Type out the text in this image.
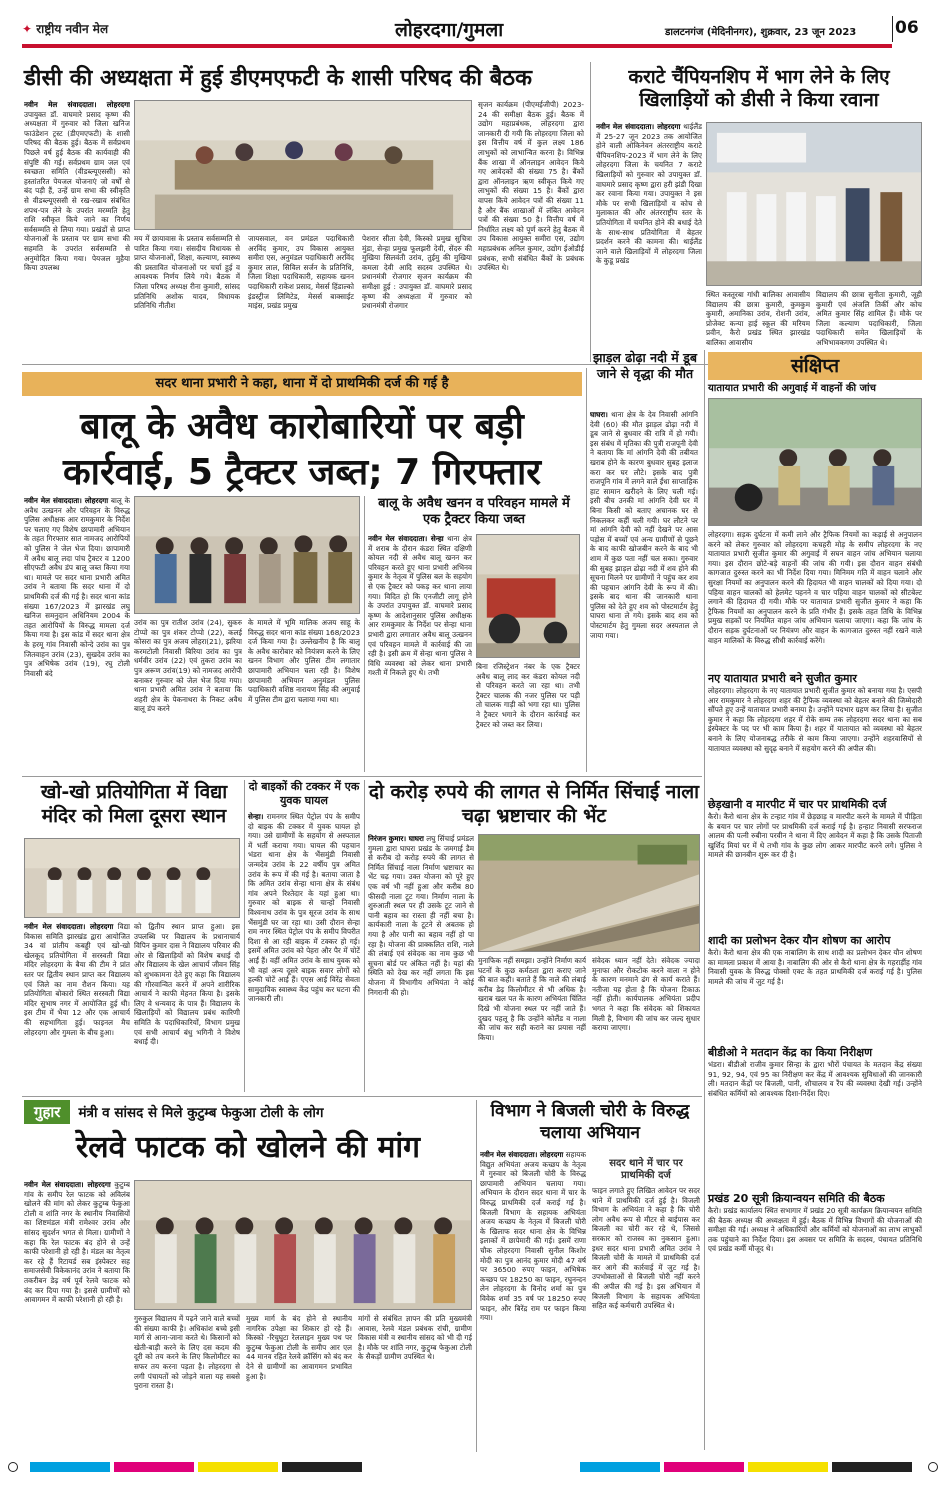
✦ राष्ट्रीय नवीन मेल	लोहरदगा/गुमला	डालटनगंज (मेदिनीनगर), शुक्रवार, 23 जून 2023 06
डीसी की अध्यक्षता में हुई डीएमएफटी के शासी परिषद की बैठक
नवीन मेल संवाददाता। लोहरदगा उपायुक्त डॉ. वाघमारे प्रसाद कृष्ण की अध्यक्षता में गुरुवार को जिला खनिज फाउंडेशन ट्रस्ट (डीएमएफटी) के शासी परिषद की बैठक हुई। बैठक में सर्वप्रथम पिछले वर्ष हुई बैठक की कार्यवाही की संपुष्टि की गई। सर्वप्रथम ग्राम जल एवं स्वच्छता समिति (वीडब्ल्यूएससी) को हस्तांतरित पेयजल योजनाएं जो वर्षों से बंद पड़ी हैं, उन्हें ग्राम सभा की स्वीकृति से वीडब्ल्यूएससी से रख-रखाव संबंधित शपथ-पत्र लेने के उपरांत मरम्मति हेतु राशि स्वीकृत किये जाने का निर्णय सर्वसम्मति से लिया गया। प्रखंडों से प्राप्त योजनाओं के प्रस्ताव पर ग्राम सभा की सहमति के उपरांत सर्वसम्मति से अनुमोदित किया गया। पेयजल मुहैया किया उपलब्ध
मय में छायावास के प्रस्ताव सर्वसम्मति से पारित किया गया। संसदीय विधायक से प्राप्त योजनाओं, शिक्षा, कल्याण, स्वास्थ्य की प्रस्तावित योजनाओं पर चर्चा हुई व आवश्यक निर्णय लिये गये। बैठक में जिला परिषद अध्यक्ष रीना कुमारी, सांसद प्रतिनिधि अशोक यादव, विधायक प्रतिनिधि नीतीश
जायसवाल, वन प्रमंडल पदाधिकारी अरविंद कुमार, उप विकास आयुक्त समीरा एस, अनुमंडल पदाधिकारी अरविंद कुमार लाल, सिविल सर्जन के प्रतिनिधि, जिला शिक्षा पदाधिकारी, सहायक खनन पदाधिकारी राकेश प्रसाद, मेसर्स हिंडाल्को इंडस्ट्रीज लिमिटेड, मेसर्स बाक्साईट माइंस, प्रखंड प्रमुख
पेशरार सीता देवी, किस्को प्रमुख सुचित्रा मुंडा, सेन्हा प्रमुख फूलझरी देवी, सेंदरु की मुखिया सिलवंती उरांव, तुईमु की मुखिया कमला देवी आदि सदस्य उपस्थित थे। प्रधानमंत्री रोजगार सृजन कार्यक्रम की समीक्षा हुई : उपायुक्त डॉ. वाघमारे प्रसाद कृष्ण की अध्यक्षता में गुरुवार को प्रधानमंत्री रोजगार
सृजन कार्यक्रम (पीएमईजीपी) 2023-24 की समीक्षा बैठक हुई। बैठक में उद्योग महाप्रबंधक, लोहरदगा द्वारा जानकारी दी गयी कि लोहरदगा जिला को इस वित्तीय वर्ष में कुल लक्ष्य 186 लाभुकों को लाभान्वित करना है। विभिन्न बैंक शाखा में ऑनलाइन आवेदन किये गए आवेदकों की संख्या 75 है। बैंकों द्वारा ऑनलाइन ऋण स्वीकृत किये गए लाभुकों की संख्या 15 है। बैंकों द्वारा वापस किये आवेदन पत्रों की संख्या 11 है और बैंक शाखाओं में लंबित आवेदन पत्रों की संख्या 50 है। वित्तीय वर्ष में निर्धारित लक्ष्य को पूर्ण करने हेतु बैठक में उप विकास आयुक्त समीरा एस, उद्योग महाप्रबंधक अनिल कुमार, उद्योग ईओडीई प्रबंधक, सभी संबंधित बैंकों के प्रबंधक उपस्थित थे।
कराटे चैंपियनशिप में भाग लेने के लिए खिलाड़ियों को डीसी ने किया रवाना
नवीन मेल संवाददाता। लोहरदगा थाईलैंड में 25-27 जून 2023 तक आयोजित होने वाली ओकिनेवन अंतरराष्ट्रीय कराटे चैंपियनशिप-2023 में भाग लेने के लिए लोहरदगा जिला के चयनित 7 कराटे खिलाड़ियों को गुरुवार को उपायुक्त डॉ. वाघमारे प्रसाद कृष्ण द्वारा हरी झंडी दिखा कर रवाना किया गया। उपायुक्त ने इस मौके पर सभी खिलाड़ियों व कोच से मुलाकात की और अंतरराष्ट्रीय स्तर के प्रतियोगिता में चयनित होने की बधाई देते के साथ-साथ प्रतियोगिता में बेहतर प्रदर्शन करने की कामना की। थाईलैंड जाने वाले खिलाड़ियों में लोहरदगा जिला के कुडू प्रखंड
स्थित कस्तूरबा गांधी बालिका आवासीय विद्यालय की छात्रा कुमारी, कुमकुम कुमारी, अमानिका उरांव, रोशनी उरांव, प्रोजेक्ट कन्या हाई स्कूल की मरियम प्रवीन, कैरो प्रखंड स्थित झारखंड बालिका आवासीय
विद्यालय की छात्रा सुनीता कुमारी, जूही कुमारी एवं अंजलि तिर्की और कोच अमित कुमार सिंह शामिल हैं। मौके पर जिला कल्याण पदाधिकारी, जिला पदाधिकारी समेत खिलाड़ियों के अभिभावकगण उपस्थित थे।
सदर थाना प्रभारी ने कहा, थाना में दो प्राथमिकी दर्ज की गई है
बालू के अवैध कारोबारियों पर बड़ी कार्रवाई, 5 ट्रैक्टर जब्त; 7 गिरफ्तार
नवीन मेल संवाददाता। लोहरदगा बालू के अवैध उत्खनन और परिवहन के विरुद्ध पुलिस अधीक्षक आर रामकुमार के निर्देश पर चलाए गए विशेष छापामारी अभियान के तहत गिरफ्तार सात नामजद आरोपियों को पुलिस ने जेल भेज दिया। छापामारी में अवैध बालू लदा पांच ट्रैक्टर व 1200 सीएफटी अवैध डंप बालू जब्त किया गया था। मामले पर सदर थाना प्रभारी अमित उरांव ने बताया कि सदर थाना में दो प्राथमिकी दर्ज की गई है। सदर थाना कांड संख्या 167/2023 में झारखंड लघु खनिज समनुदान अधिनियम 2004 के तहत आरोपियों के विरुद्ध मामला दर्ज किया गया है। इस कांड में सदर थाना क्षेत्र के हरमू गांव निवासी कोन्दे उरांव का पुत्र जितवाहन उरांव (23), सुखदेव उरांव का पुत्र अभिषेक उरांव (19), रघु टोली निवासी बंदे
उरांव का पुत्र रातीश उरांव (24), सुकरु टोप्पो का पुत्र शंकर टोप्पो (22), कलई कोसरा का पुत्र अजय लोहरा(21), झरिया करमटोली निवासी बिरिया उरांव का पुत्र धर्मवीर उरांव (22) एवं तुकरा उरांव का पुत्र अरूण उरांव(19) को नामजद आरोपी बनाकर गुरुवार को जेल भेज दिया गया। थाना प्रभारी अमित उरांव ने बताया कि शहरी क्षेत्र के पेकनाथरा के निकट अवैध बालू डंप करने
के मामले में भूमि मालिक अजय साहू के विरुद्ध सदर थाना कांड संख्या 168/2023 दर्ज किया गया है। उल्लेखनीय है कि बालू के अवैध कारोबार को नियंत्रण करने के लिए खनन विभाग और पुलिस टीम लगातार छापामारी अभियान चला रही है। विशेष छापामारी अभियान अनुमंडल पुलिस पदाधिकारी वशिष्ठ नारायण सिंह की अगुवाई में पुलिस टीम द्वारा चलाया गया था।
बालू के अवैध खनन व परिवहन मामले में एक ट्रैक्टर किया जब्त
नवीन मेल संवाददाता। सेन्हा थाना क्षेत्र में शराब के दौरान कंडरा स्थित दक्षिणी कोयल नदी से अवैध बालू खनन कर परिवहन करते हुए थाना प्रभारी अभिनव कुमार के नेतृत्व में पुलिस बल के सहयोग से एक ट्रैक्टर को पकड़ कर थाना लाया गया। विदित हो कि एनजीटी लागू होने के उपरांत उपायुक्त डॉ. वाघमारे प्रसाद कृष्ण के आदेशानुसार पुलिस अधीक्षक आर रामकुमार के निर्देश पर सेन्हा थाना प्रभारी द्वारा लगातार अवैध बालू उत्खनन एवं परिवहन मामले में कार्रवाई की जा रही है। इसी क्रम में सेन्हा थाना पुलिस ने विधि व्यवस्था को लेकर थाना प्रभारी गश्ती में निकले हुए थे। तभी
बिना रजिस्ट्रेशन नंबर के एक ट्रैक्टर अवैध बालू लाद कर कंडरा कोयल नदी से परिवहन करते जा रहा था। तभी ट्रैक्टर चालक की नजर पुलिस पर पड़ी तो चालक गाड़ी को भगा रहा था। पुलिस ने ट्रैक्टर भगाने के दौरान कार्रवाई कर ट्रैक्टर को जब्त कर लिया।
झाड़ल ढोढ़ा नदी में डूब जाने से वृद्धा की मौत
घाघरा। थाना क्षेत्र के देव निवासी आंगनि देवी (60) की मौत झाड़ल ढोढ़ा नदी में डूब जाने से बुधवार की रात्रि में हो गयी। इस संबंध में मृतिका की पुत्री राजपूनी देवी ने बताया कि मां आंगनि देवी की तबीयत खराब होने के कारण बुधवार सुबह इलाज करा कर घर लौटे। इसके बाद पुत्री राजपूनि गांव में लगने वाले ईंधा साप्ताहिक हाट सामान खरीदने के लिए चली गई। इसी बीच उनकी मां आंगनि देवी घर में बिना किसी को बताए अचानक घर से निकलकर कहीं चली गयी। घर लौटने पर मां आंगनि देवी को नहीं देखने पर आस पड़ोस में बच्चों एवं अन्य ग्रामीणों से पूछने के बाद काफी खोजबीन करने के बाद भी शाम में कुछ पता नहीं चल सका। गुरुवार की सुबह झाड़ल ढोढ़ा नदी में शव होने की सूचना मिलने पर ग्रामीणों ने पहुंच कर शव की पहचान आंगनि देवी के रूप में की। इसके बाद थाना की जानकारी थाना पुलिस को देते हुए शव को पोस्टमार्टम हेतु घाघरा थाना ले गये। इसके बाद शव को पोस्टमार्टम हेतु गुमला सदर अस्पताल ले जाया गया।
संक्षिप्त
यातायात प्रभारी की अगुवाई में वाहनों की जांच
लोहरदगा। सड़क दुर्घटना में कमी लाने और ट्रैफिक नियमों का कड़ाई से अनुपालन करने को लेकर गुरुवार को लोहरदगा कचहरी मोड़ के समीप लोहरदगा के नए यातायात प्रभारी सुजीत कुमार की अगुवाई में सघन वाहन जांच अभियान चलाया गया। इस दौरान छोटे-बड़े वाहनों की जांच की गयी। इस दौरान वाहन संबंधी कागजात दुरुस्त करने का भी निर्देश दिया गया। मिनिमम गति में वाहन चलाने और सुरक्षा नियमों का अनुपालन करने की हिदायत भी वाहन चालकों को दिया गया। दो पहिया वाहन चालकों को हेलमेट पहनने व चार पहिया वाहन चालकों को सीटबेल्ट लगाने की हिदायत दी गयी। मौके पर यातायात प्रभारी सुजीत कुमार ने कहा कि ट्रैफिक नियमों का अनुपालन करने के प्रति गंभीर हैं। इसके तहत तिथि के विभिन्न प्रमुख सड़कों पर नियमित वाहन जांच अभियान चलाया जाएगा। कहा कि जांच के दौरान सड़क दुर्घटनाओं पर नियंत्रण और वाहन के कागजात दुरुस्त नहीं रखने वाले वाहन मालिकों के विरुद्ध सीधी कार्रवाई करेंगे।
नए यातायात प्रभारी बने सुजीत कुमार
लोहरदगा। लोहरदगा के नए यातायात प्रभारी सुजीत कुमार को बनाया गया है। एसपी आर रामकुमार ने लोहरदगा शहर की ट्रैफिक व्यवस्था को बेहतर बनाने की जिम्मेदारी सौंपते हुए उन्हें यातायात प्रभारी बनाया है। उन्होंने पदभार ग्रहण कर लिया है। सुजीत कुमार ने कहा कि लोहरदगा शहर में रोके सम्य तक लोहरदगा सदर थाना का सब इंस्पेक्टर के पद पर भी काम किया है। शहर में यातायात को व्यवस्था को बेहतर बनाने के लिए योजनाबद्ध तरीके से काम किया जाएगा। उन्होंने शहरवासियों से यातायात व्यवस्था को सुदृढ़ बनाने में सहयोग करने की अपील की।
छेड़खानी व मारपीट में चार पर प्राथमिकी दर्ज
कैरो। कैरो थाना क्षेत्र के टन्हाट गांव में छेड़छाड़ व मारपीट करने के मामले में पीड़िता के बयान पर चार लोगों पर प्राथमिकी दर्ज कराई गई है। हन्हाट निवासी सरफराज आलम की पत्नी रुबीना परवीन ने थाना में दिए आवेदन में कहा है कि उसके पिताजी खुर्शिद मियां घर में थे तभी गांव के कुछ लोग आकर मारपीट करने लगे। पुलिस ने मामले की छानबीन शुरू कर दी है।
शादी का प्रलोभन देकर यौन शोषण का आरोप
कैरो। कैरो थाना क्षेत्र की एक नाबालिग के साथ शादी का प्रलोभन देकर यौन शोषण का मामला प्रकाश में आया है। नाबालिग की ओर से कैरो थाना क्षेत्र के गहरार्ड़ीह गांव निवासी युवक के विरुद्ध पोक्सो एक्ट के तहत प्राथमिकी दर्ज कराई गई है। पुलिस मामले की जांच में जुट गई है।
बीडीओ ने मतदान केंद्र का किया निरीक्षण
भंडरा। बीडीओ राजीव कुमार सिन्हा के द्वारा भौरों पंचायत के मतदान केंद्र संख्या 91, 92, 94, एवं 95 का निरीक्षण कर केंद्र में आवश्यक सुविधाओं की जानकारी ली। मतदान केंद्रों पर बिजली, पानी, शौचालय व रैंप की व्यवस्था देखी गई। उन्होंने संबंधित कर्मियों को आवश्यक दिशा-निर्देश दिए।
प्रखंड 20 सूत्री क्रियान्वयन समिति की बैठक
कैरो। प्रखंड कार्यालय स्थित सभागार में प्रखंड 20 सूत्री कार्यक्रम क्रियान्वयन समिति की बैठक अध्यक्ष की अध्यक्षता में हुई। बैठक में विभिन्न विभागों की योजनाओं की समीक्षा की गई। अध्यक्ष ने अधिकारियों और कर्मियों को योजनाओं का लाभ लाभुकों तक पहुंचाने का निर्देश दिया। इस अवसर पर समिति के सदस्य, पंचायत प्रतिनिधि एवं प्रखंड कर्मी मौजूद थे।
खो-खो प्रतियोगिता में विद्या मंदिर को मिला दूसरा स्थान
नवीन मेल संवाददाता। लोहरदगा विद्या विकास समिति झारखंड द्वारा आयोजित 34 वां प्रांतीय कबड्डी एवं खो-खो खेलकूद प्रतियोगिता में सरस्वती विद्या मंदिर लोहरदगा के बैया की टीम ने प्रांत स्तर पर द्वितीय स्थान प्राप्त कर विद्यालय एवं जिले का नाम रौशन किया। यह प्रतियोगिता बोकारो स्थित सरस्वती विद्या मंदिर सुभाष नगर में आयोजित हुई थी। इस टीम में भैया 12 और एक आचार्य की सहभागिता हुई। फाइनल मैच लोहरदगा और गुमला के बीच हुआ।
को द्वितीय स्थान प्राप्त हुआ। इस उपलब्धि पर विद्यालय के प्रधानाचार्य विपिन कुमार दास ने विद्यालय परिवार की ओर से खिलाड़ियों को विशेष बधाई दी और विद्यालय के खेल आचार्य जीवन सिंह को शुभकामना देते हुए कहा कि विद्यालय की गौरवान्वित करने में अपने शारीरिक आचार्य ने काफी मेहनत किया है। इसके लिए वे धन्यवाद के पात्र हैं। विद्यालय के खिलाड़ियों को विद्यालय प्रबंध कारिणी समिति के पदाधिकारियों, विभाग प्रमुख एवं सभी आचार्य बंधु भगिनी ने विशेष बधाई दी।
दो बाइकों की टक्कर में एक युवक घायल
सेन्हा। रामनगर स्थित पेट्रोल पंप के समीप दो बाइक की टक्कर में युवक घायल हो गया। उसे ग्रामीणों के सहयोग से अस्पताल में भर्ती कराया गया। घायल की पहचान भंडरा थाना क्षेत्र के भैंसमुंडी निवासी जन्मदेव उरांव के 22 वर्षीय पुत्र अमित उरांव के रूप में की गई है। बताया जाता है कि अमित उरांव सेन्हा थाना क्षेत्र के संबंध गांव अपने रिश्तेदार के यहां हुआ था। गुरुवार को बाइक से चान्हो निवासी विश्वनाथ उरांव के पुत्र सूरज उरांव के साथ भैंसमुंडी घर जा रहा था। उसी दौरान सेन्हा राम नगर स्थित पेट्रोल पंप के समीप विपरीत दिशा से आ रही बाइक में टक्कर हो गई। इसमें अमित उरांव को पेहरा और पैर में चोटें आईं हैं। वहीं अमित उरांव के साथ युवक को भी वहां अन्य दूसरे बाइक सवार लोगों को हल्की चोटें आई हैं। एएस आई विरेंद्र सेवता सामुदायिक स्वास्थ्य केंद्र पहुंच कर घटना की जानकारी ली।
दो करोड़ रुपये की लागत से निर्मित सिंचाई नाला चढ़ा भ्रष्टाचार की भेंट
निरंजन कुमार। घाघरा लघु सिंचाई प्रमंडल गुमला द्वारा घाघरा प्रखंड के जमगाई डैम से करीब दो करोड़ रुपये की लागत से निर्मित सिंचाई नाला निर्माण भ्रष्टाचार का भेंट चढ़ गया। उक्त योजना को पूरे हुए एक वर्ष भी नहीं हुआ और करीब 80 फीसदी नाला टूट गया। निर्माण नाला के शुरुआती स्थल पर ही उसके टूट जाने से पानी बहाव का रास्ता ही नहीं बचा है। कार्यकारी नाला के टूटने से अबतक हो गया है और पानी का बहाव नहीं हो पा रहा है। योजना की प्राक्कलित राशि, नाले की लंबाई एवं संवेदक का नाम कुछ भी सूचना बोर्ड पर अंकित नहीं है। यहां की स्थिति को देख कर नहीं लगता कि इस योजना में विभागीय अभियंता ने कोई निगरानी की हो।
मुनाफिक नहीं समझा। उन्होंने निर्माण कार्य घटनों के कुछ कर्मठता द्वारा कराए जाने की बात कही। बताते हैं कि नाले की लंबाई करीब डेढ़ किलोमीटर से भी अधिक है। खराब खल पत के कारण अभियंता चिंतित दिखे भी योजना स्थल पर नहीं जाते हैं। दुखद पहलू है कि उन्होंने कोलैंड व नाला की जांच कर सही कराने का प्रयास नहीं किया।
संवेदक ध्यान नहीं देते। संवेदक ज्यादा मुनाफा और रोकटोक करने वाला न होने के कारण मनमाने ढंग से कार्य कराते हैं। नतीजा यह होता है कि योजना टिकाऊ नहीं होती। कार्यपालक अभियंता प्रदीप भगत ने कहा कि संवेदक को शिकायत मिली है, विभाग की जांच कर जल्द सुधार कराया जाएगा।
गुहार	मंत्री व सांसद से मिले कुटुम्ब फेकुआ टोली के लोग
रेलवे फाटक को खोलने की मांग
नवीन मेल संवाददाता। लोहरदगा कुटुम्ब गांव के समीप रेल फाटक को अविलंब खोलने की मांग को लेकर कुटुम्ब फेकुआ टोली व शांति नगर के स्थानीय निवासियों का शिष्टमंडल मंत्री रामेश्वर उरांव और सांसद सुदर्शन भगत से मिला। ग्रामीणों ने कहा कि रेल फाटक बंद होने से उन्हें काफी परेशानी हो रही है। मंडल का नेतृत्व कर रहे हैं रिटायर्ड सब इंस्पेक्टर सह समाजसेवी विकेकानंद उरांव ने बताया कि तकरीबन डेढ़ वर्ष पूर्व रेलवे फाटक को बंद कर दिया गया है। इससे ग्रामीणों को आवागमन में काफी परेशानी हो रही है।
गुरुकुल विद्यालय में पढ़ने जाने वाले बच्चों की संख्या काफी है। अधिकांश बच्चे इसी मार्ग से आना-जाना करते थे। किसानों को खेती-बाड़ी करने के लिए दस कदम की दूरी को तय करने के लिए किलोमीटर का सफर तय करना पड़ता है। लोहरदगा से लगी पंचायतों को जोड़ने वाला यह सबसे पुराना रास्ता है।
मुख्य मार्ग के बंद होने से स्थानीय नागरिक उपेक्षा का शिकार हो रहे हैं। किस्को -रिचुघुटा रेललाइन मुख्य पथ पर कुटुम्ब फेकुआ टोली के समीप आर एल 44 मानव रहित रेलवे क्रॉसिंग को बंद कर देने से ग्रामीणों का आवागमन प्रभावित हुआ है।
मांगों से संबंधित ज्ञापन की प्रति मुख्यमंत्री आवास, रेलवे मंडल प्रबंधक रांची, ग्रामीण विकास मंत्री व स्थानीय सांसद को भी दी गई है। मौके पर शांति नगर, कुटुम्ब फेकुआ टोली के सैकड़ों ग्रामीण उपस्थित थे।
विभाग ने बिजली चोरी के विरुद्ध चलाया अभियान
नवीन मेल संवाददाता। लोहरदगा सहायक विद्युत अभियंता अजय कच्छप के नेतृत्व में गुरुवार को बिजली चोरी के विरुद्ध छापामारी अभियान चलाया गया। अभियान के दौरान सदर थाना में चार के विरुद्ध प्राथमिकी दर्ज कराई गई है। बिजली विभाग के सहायक अभियंता अजय कच्छप के नेतृत्व में बिजली चोरी के खिलाफ सदर थाना क्षेत्र के विभिन्न इलाकों में छापेमारी की गई। इसमें राणा चौक लोहरदगा निवासी सुनील किशोर मोदी का पुत्र आनंद कुमार मोदी 47 वर्ष पर 36500 रुपए फाइन, अभिषेक कच्छप पर 18250 का फाइन, रघुनन्दन लेन लोहरदगा के विनोद शर्मा का पुत्र विवेक शर्मा 35 वर्ष पर 18250 रुपए फाइन, और बिरेंद्र राम पर फाइन किया गया।
सदर थाने में चार पर प्राथमिकी दर्ज
फाइन लगाते हुए लिखित आवेदन पर सदर थाने में प्राथमिकी दर्ज हुई है। विजली विभाग के अभियंता ने कहा है कि चोरी लोग अवैध रूप से मीटर से बाईपास कर बिजली का चोरी कर रहे थे, जिससे सरकार को राजस्व का नुकसान हुआ। इधर सदर थाना प्रभारी अमित उरांव ने बिजली चोरी के मामले में प्राथमिकी दर्ज कर आगे की कार्रवाई में जुट गई है। उपभोक्ताओं से बिजली चोरी नहीं करने की अपील की गई है। इस अभियान में बिजली विभाग के सहायक अभियंता सहित कई कर्मचारी उपस्थित थे।
